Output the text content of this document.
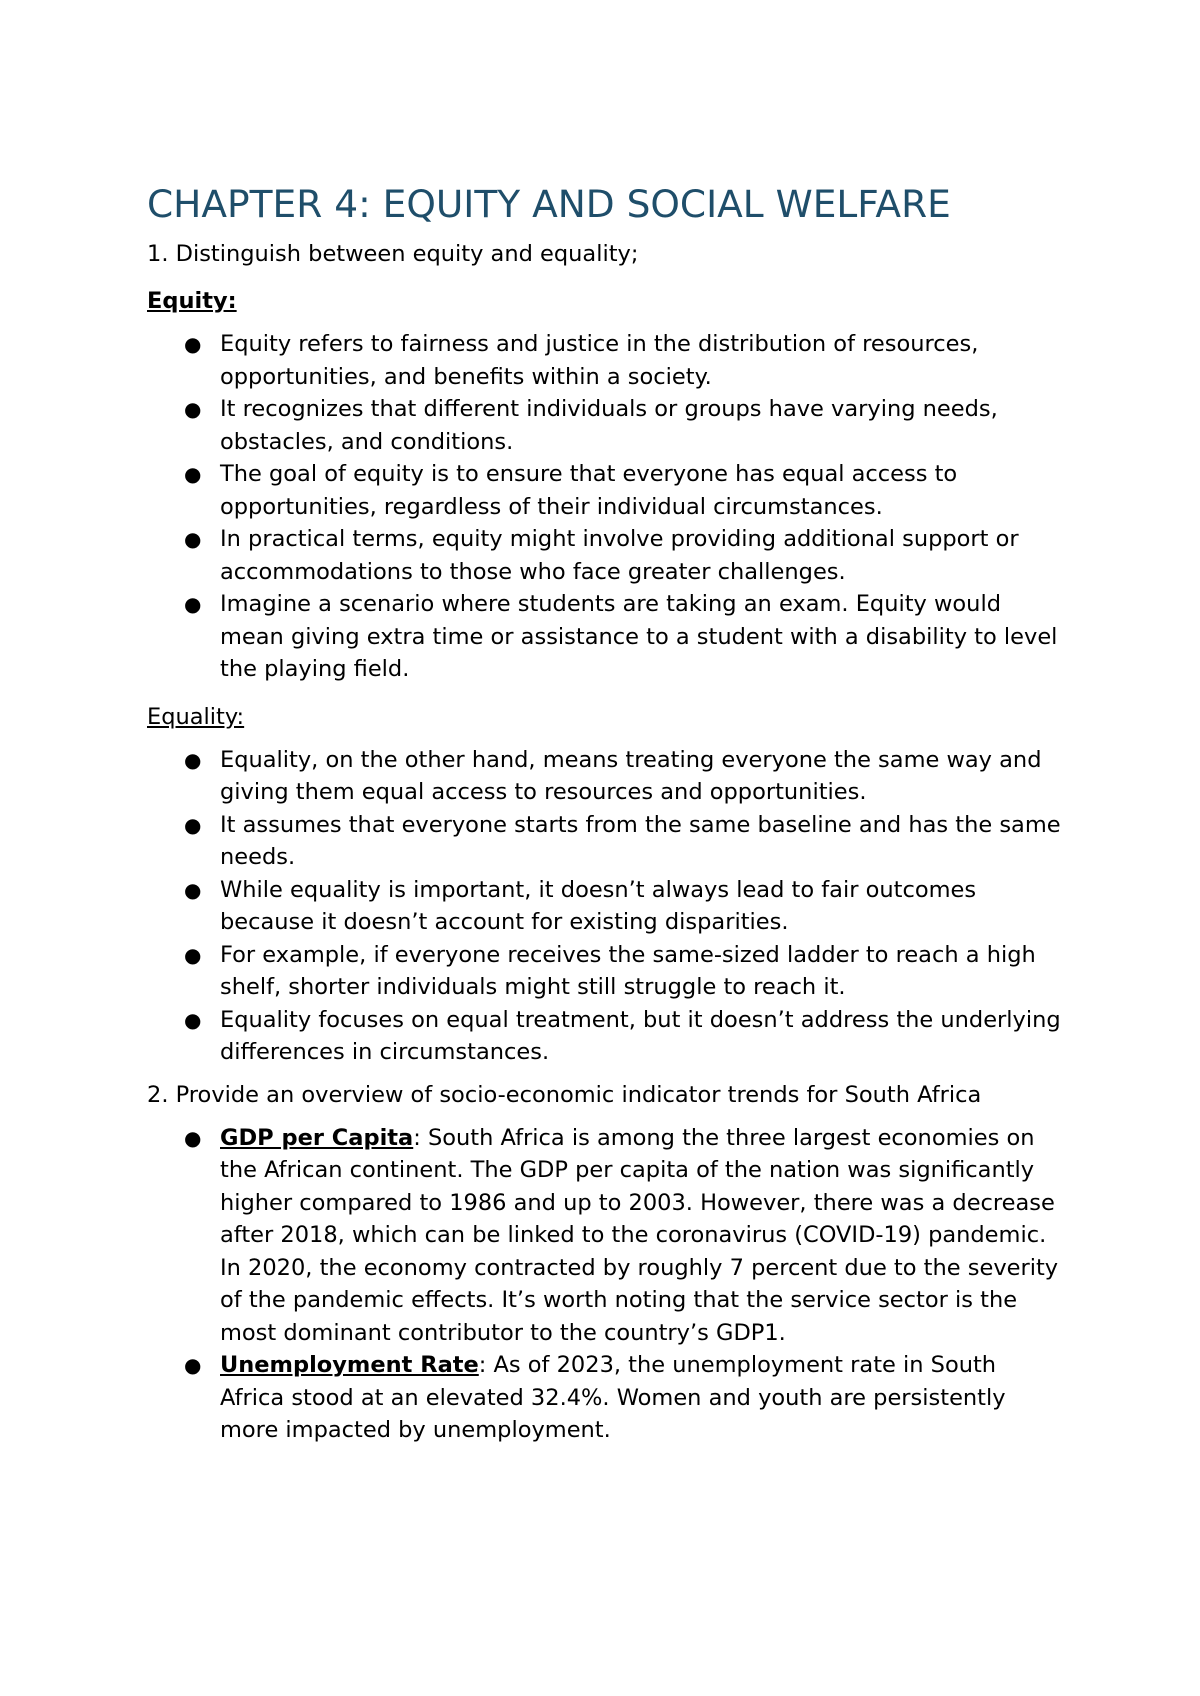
CHAPTER 4: EQUITY AND SOCIAL WELFARE

1. Distinguish between equity and equality;

Equity:

● Equity refers to fairness and justice in the distribution of resources, opportunities, and benefits within a society.
● It recognizes that different individuals or groups have varying needs, obstacles, and conditions.
● The goal of equity is to ensure that everyone has equal access to opportunities, regardless of their individual circumstances.
● In practical terms, equity might involve providing additional support or accommodations to those who face greater challenges.
● Imagine a scenario where students are taking an exam. Equity would mean giving extra time or assistance to a student with a disability to level the playing field.

Equality:

● Equality, on the other hand, means treating everyone the same way and giving them equal access to resources and opportunities.
● It assumes that everyone starts from the same baseline and has the same needs.
● While equality is important, it doesn’t always lead to fair outcomes because it doesn’t account for existing disparities.
● For example, if everyone receives the same-sized ladder to reach a high shelf, shorter individuals might still struggle to reach it.
● Equality focuses on equal treatment, but it doesn’t address the underlying differences in circumstances.

2. Provide an overview of socio-economic indicator trends for South Africa

● GDP per Capita: South Africa is among the three largest economies on the African continent. The GDP per capita of the nation was significantly higher compared to 1986 and up to 2003. However, there was a decrease after 2018, which can be linked to the coronavirus (COVID-19) pandemic. In 2020, the economy contracted by roughly 7 percent due to the severity of the pandemic effects. It’s worth noting that the service sector is the most dominant contributor to the country’s GDP1.
● Unemployment Rate: As of 2023, the unemployment rate in South Africa stood at an elevated 32.4%. Women and youth are persistently more impacted by unemployment.
